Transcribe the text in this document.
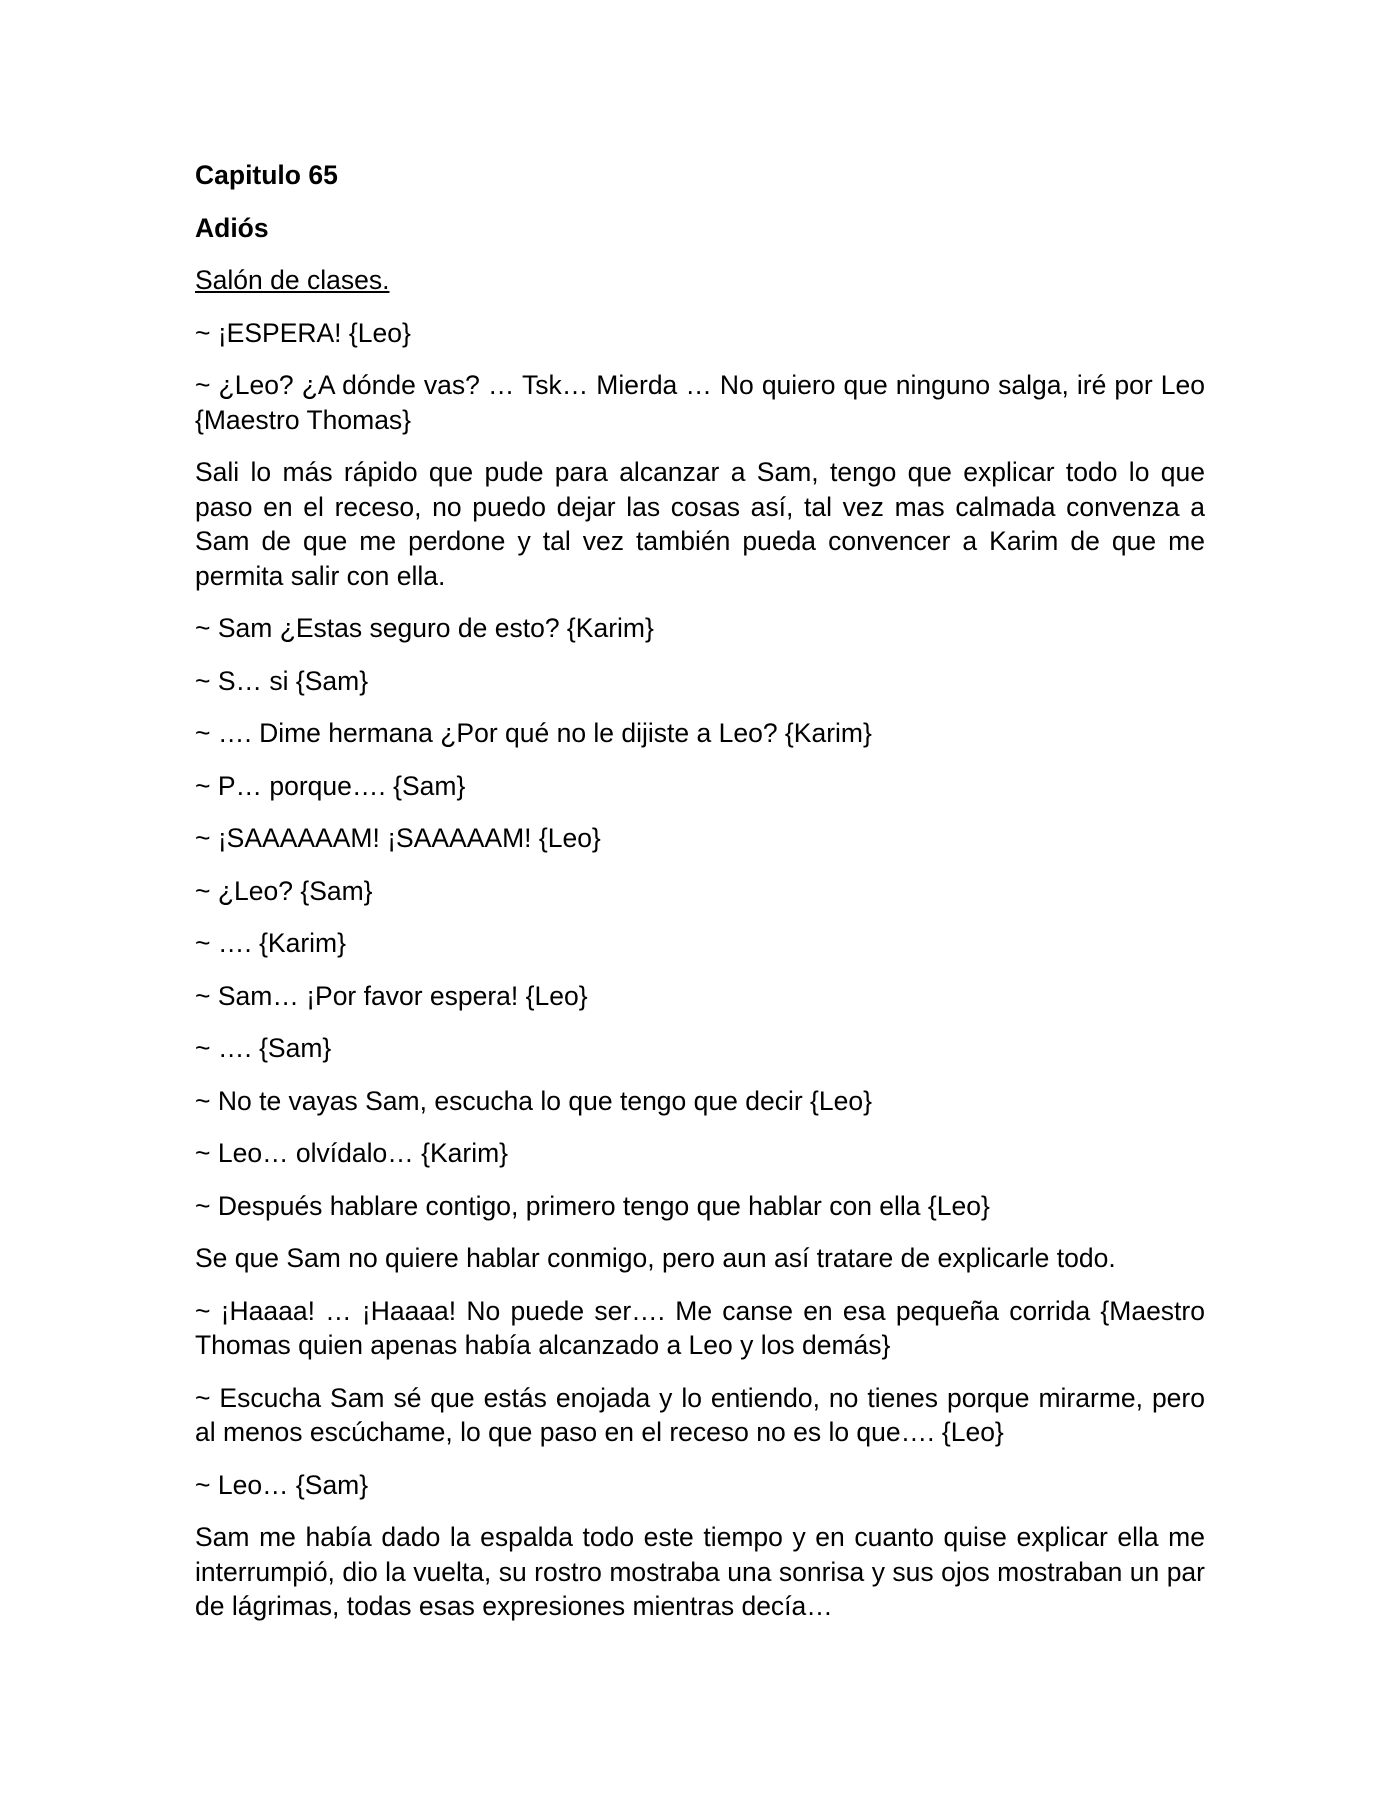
Capitulo 65

Adiós

Salón de clases.

~ ¡ESPERA! {Leo}

~ ¿Leo? ¿A dónde vas? … Tsk… Mierda … No quiero que ninguno salga, iré por Leo {Maestro Thomas}

Sali lo más rápido que pude para alcanzar a Sam, tengo que explicar todo lo que paso en el receso, no puedo dejar las cosas así, tal vez mas calmada convenza a Sam de que me perdone y tal vez también pueda convencer a Karim de que me permita salir con ella.

~ Sam ¿Estas seguro de esto? {Karim}

~ S… si {Sam}

~ …. Dime hermana ¿Por qué no le dijiste a Leo? {Karim}

~ P… porque…. {Sam}

~ ¡SAAAAAAM! ¡SAAAAAM! {Leo}

~ ¿Leo? {Sam}

~ …. {Karim}

~ Sam… ¡Por favor espera! {Leo}

~ …. {Sam}

~ No te vayas Sam, escucha lo que tengo que decir {Leo}

~ Leo… olvídalo… {Karim}

~ Después hablare contigo, primero tengo que hablar con ella {Leo}

Se que Sam no quiere hablar conmigo, pero aun así tratare de explicarle todo.

~ ¡Haaaa! … ¡Haaaa! No puede ser…. Me canse en esa pequeña corrida {Maestro Thomas quien apenas había alcanzado a Leo y los demás}

~ Escucha Sam sé que estás enojada y lo entiendo, no tienes porque mirarme, pero al menos escúchame, lo que paso en el receso no es lo que…. {Leo}

~ Leo… {Sam}

Sam me había dado la espalda todo este tiempo y en cuanto quise explicar ella me interrumpió, dio la vuelta, su rostro mostraba una sonrisa y sus ojos mostraban un par de lágrimas, todas esas expresiones mientras decía…
